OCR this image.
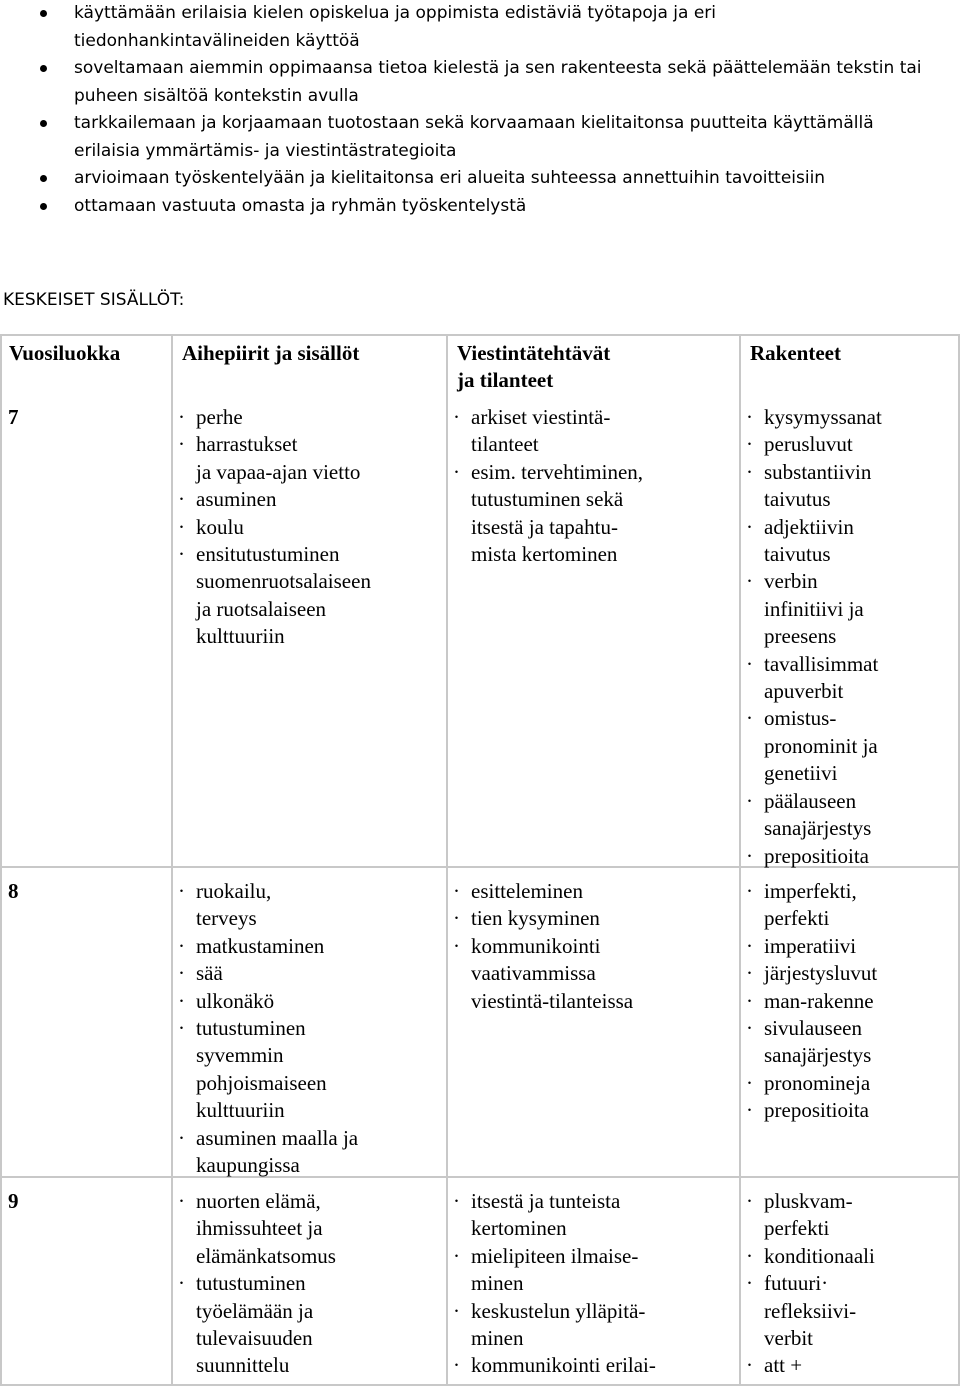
käyttämään erilaisia kielen opiskelua ja oppimista edistäviä työtapoja ja eri
tiedonhankintavälineiden käyttöä
soveltamaan aiemmin oppimaansa tietoa kielestä ja sen rakenteesta sekä päättelemään tekstin tai
puheen sisältöä kontekstin avulla
tarkkailemaan ja korjaamaan tuotostaan sekä korvaamaan kielitaitonsa puutteita käyttämällä
erilaisia ymmärtämis- ja viestintästrategioita
arvioimaan työskentelyään ja kielitaitonsa eri alueita suhteessa annettuihin tavoitteisiin
ottamaan vastuuta omasta ja ryhmän työskentelystä
KESKEISET SISÄLLÖT:
Vuosiluokka	Aihepiirit ja sisällöt	Viestintätehtävät
ja tilanteet
Rakenteet
7
8
9
· perhe
· harrastukset
ja vapaa-ajan vietto
· asuminen
· koulu
· ensitutustuminen
suomenruotsalaiseen
ja ruotsalaiseen
kulttuuriin
· arkiset viestintä-
tilanteet
· esim. tervehtiminen,
tutustuminen sekä
itsestä ja tapahtu-
mista kertominen
· kysymyssanat
· perusluvut
· substantiivin
taivutus
· adjektiivin
taivutus
· verbin
infinitiivi ja
preesens
· tavallisimmat
apuverbit
· omistus-
pronominit ja
genetiivi
· päälauseen
sanajärjestys
· prepositioita
· ruokailu,
terveys
· matkustaminen
· sää
· ulkonäkö
· tutustuminen
syvemmin
pohjoismaiseen
kulttuuriin
· asuminen maalla ja
kaupungissa
· esitteleminen
· tien kysyminen
· kommunikointi
vaativammissa
viestintä-tilanteissa
· imperfekti,
perfekti
· imperatiivi
· järjestysluvut
· man-rakenne
· sivulauseen
sanajärjestys
· pronomineja
· prepositioita
· nuorten elämä,
ihmissuhteet ja
elämänkatsomus
· tutustuminen
työelämään ja
tulevaisuuden
suunnittelu
· itsestä ja tunteista
kertominen
· mielipiteen ilmaise-
minen
· keskustelun ylläpitä-
minen
· kommunikointi erilai-
· pluskvam-
perfekti
· konditionaali
· futuuri·
refleksiivi-
verbit
· att +
